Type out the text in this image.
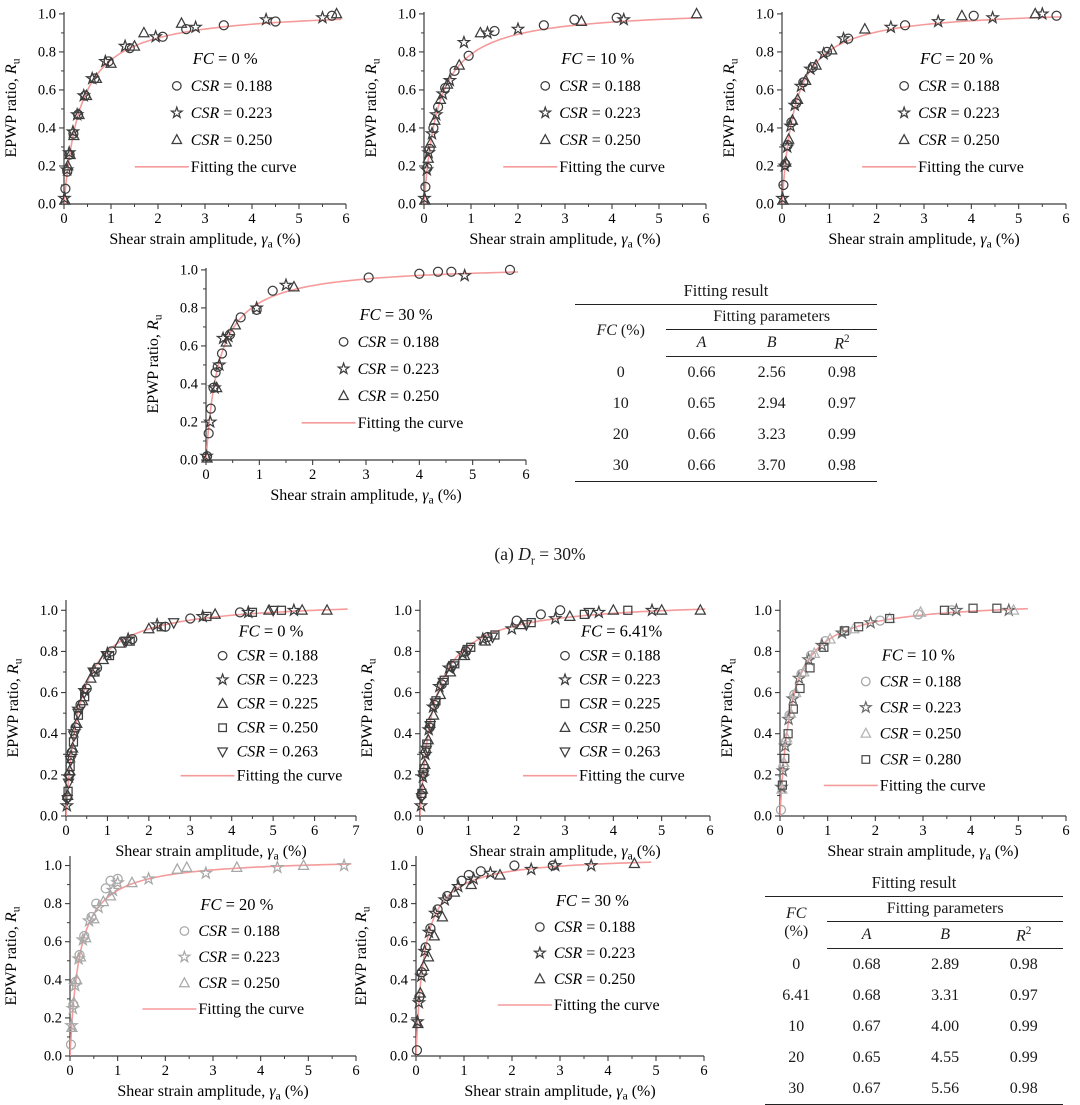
0	1	2	3	4	5	6
0.0
0.2
0.4
0.6
0.8
1.0
Shear strain amplitude, $\gamma_a$ (%)
EPWP ratio, $R_u$	FC = 0 %
CSR = 0.188
CSR = 0.223
CSR = 0.250
Fitting the curve
0	1	2	3	4	5	6
0.0
0.2
0.4
0.6
0.8
1.0
Shear strain amplitude, $\gamma_a$ (%)
EPWP ratio, $R_u$	FC = 10 %
CSR = 0.188
CSR = 0.223
CSR = 0.250
Fitting the curve
0	1	2	3	4	5	6
0.0
0.2
0.4
0.6
0.8
1.0
Shear strain amplitude, $\gamma_a$ (%)
EPWP ratio, $R_u$	FC = 20 %
CSR = 0.188
CSR = 0.223
CSR = 0.250
Fitting the curve
0	1	2	3	4	5	6
0.0
0.2
0.4
0.6
0.8
1.0
Shear strain amplitude, $\gamma_a$ (%)
EPWP ratio, $R_u$	FC = 30 %
CSR = 0.188
CSR = 0.223
CSR = 0.250
Fitting the curve
Fitting result
FC (%)	Fitting parameters		
	A	B	$R^2$
0	0.66	2.56	0.98
10	0.65	2.94	0.97
20	0.66	3.23	0.99
30	0.66	3.70	0.98
(a) $D_r = 30\%$
0 1 2 3 4 5 6 7
0.0
0.2
0.4
0.6
0.8
1.0
Shear strain amplitude, $\gamma_a$ (%)
EPWP ratio, $R_u$
FC = 0 %
CSR = 0.188
CSR = 0.223
CSR = 0.225
CSR = 0.250
CSR = 0.263
Fitting the curve
0	1	2	3	4	5	6
0.0
0.2
0.4
0.6
0.8
1.0
Shear strain amplitude, $\gamma_a$ (%)
EPWP ratio, $R_u$
FC = 6.41%
CSR = 0.188
CSR = 0.223
CSR = 0.225
CSR = 0.250
CSR = 0.263
Fitting the curve
0	1	2	3	4	5	6
0.0
0.2
0.4
0.6
0.8
1.0
Shear strain amplitude, $\gamma_a$ (%)
EPWP ratio, $R_u$	FC = 10 %
CSR = 0.188
CSR = 0.223
CSR = 0.250
CSR = 0.280
Fitting the curve
0	1	2	3	4	5	6
0.0
0.2
0.4
0.6
0.8
1.0
Shear strain amplitude, $\gamma_a$ (%)
EPWP ratio, $R_u$	FC = 20 %
CSR = 0.188
CSR = 0.223
CSR = 0.250
Fitting the curve
0	1	2	3	4	5	6
0.0
0.2
0.4
0.6
0.8
1.0
Shear strain amplitude, $\gamma_a$ (%)
EPWP ratio, $R_u$	FC = 30 %
CSR = 0.188
CSR = 0.223
CSR = 0.250
Fitting the curve
Fitting result
FC
(%)	Fitting parameters		
	A	B	$R^2$
0	0.68	2.89	0.98
6.41	0.68	3.31	0.97
10	0.67	4.00	0.99
20	0.65	4.55	0.99
30	0.67	5.56	0.98
